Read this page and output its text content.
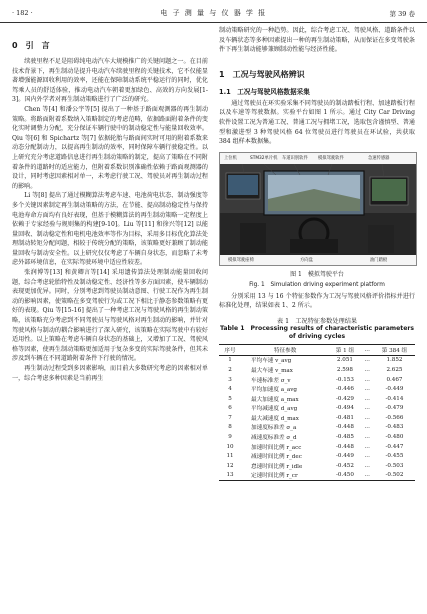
· 182 ·	电 子 测 量 与 仪 器 学 报	第 39 卷
0　引　言

续驶里程不足是阻碍纯电动汽车大规模推广的关键问题之一。在目前技术背景下，再生制动是提升电动汽车续驶里程的关键技术，它不仅能显著增强能源回收利用的效率，还能在保障制动系统平稳运行的同时，优化驾乘人员的舒适体验，推动电动汽车朝着更加绿色、高效的方向发展[1-3]。国内外学者对再生制动策略进行了广泛的研究。

Chen 等[4] 和潘公宇等[5] 提出了一种基于路面观测器的再生制动策略。将路面附着系数纳入策略制定的考虑范畴，依据路面附着条件的变化实时调整力分配，充分保证车辆行驶中的制动稳定性与能量回收效率。Qiu 等[6] 和 Spichartz 等[7] 依据轮胎与路面间实时可用的附着系数来动态分配制动力，以提高再生制动的效率，同时保障车辆行驶稳定性。以上研究充分考虑道路信息进行再生制动策略的制定，提高了策略在不同附着条件的道路时的适应能力，但附着系数识别准确性依赖于路面观测器的设计，同时考虑因素相对单一，未考虑行驶工况、驾驶员对再生制动过程的影响。

Li 等[8] 提出了通过模糊算法考虑车速、电池荷电状态、制动强度等多个关键因素制定再生制动策略的方法，在节能、提高制动稳定性与保持电池寿命方面均有良好表现，但基于模糊算法的再生制动策略一定程度上依赖于专家经验与规则集的构建[9-10]。Liu 等[11] 和徐兴等[12] 以能量回收、制动稳定性和电机电池效率等作为目标，采用多目标优化算法处理制动转矩分配问题，相较于传统分配的策略，该策略更好兼顾了制动能量回收与制动安全性。以上研究仅仅考虑了车辆自身状态，而忽略了未考虑外部环境信息，在实际驾驶环境中适应性较差。

张润博等[13] 和黄卿言等[14] 采用遗传算法处理制动能量回收问题，综合考虑轮胎特性及制动稳定性、经济性等多方面因素，使车辆制动表现更加优异。同时，分别考虑到驾驶员制动意图、行驶工况作为再生制动的影响因素，使策略在多变驾驶行为或工况下相比于静态参数策略有更好的表现。Qiu 等[15-16] 提出了一种考虑工况与驾驶风格的再生制动策略，该策略充分考虑到不同驾驶员与驾驶风格对再生制动的影响，并针对驾驶风格与制动的耦合影响进行了深入研究，该策略在实际驾驶中有较好适用性。以上策略在考虑车辆自身状态的基础上，又增加了工况、驾驶风格等因素，使再生制动策略更加适用于复杂多变的实际驾驶条件，但其未涉及到车辆在不同道路附着条件下行驶的情况。

再生制动过程受到多因素影响，而目前大多数研究考虑的因素相对单一，综合考虑多种因素是当前再生

制动策略研究的一种趋势。因此，综合考虑工况、驾驶风格、道路条件以及车辆状态等多种因素提出一种的再生制动策略，从而保证在多变驾驶条件下再生制动能够兼顾制动性能与经济性能。

1　工况与驾驶风格辨识
1.1　工况与驾驶风格数据采集

通过驾驶员在环实验采集不同驾驶员的制动踏板行程、加速踏板行程以及车速等驾驶数据。实验平台如图 1 所示。通过 City Car Driving 软件设置工况为普通工况、普通工况与拥堵工况，选取包含谨慎型、普通型和激进型 3 种驾驶风格 64 位驾驶员进行驾驶员在环试验，共获取 384 组样本数据集。

上位机	STM32单片机 车道识别软件 模拟驾驶软件	急速传感器
模拟驾驶座椅	方向盘	油门踏板
图 1　模拟驾驶平台
Fig. 1　Simulation driving experiment platform

分别采用 13 与 16 个特征参数作为工况与驾驶风格评价指标并进行标准化处理，结果如表 1、2 所示。

表 1　工况特征参数处理结果
Table 1　Processing results of characteristic parameters of driving cycles
序号	特征参数	第 1 组	…	第 384 组
1	平均车速 v_avg	2.051	…	1.852
2	最大车速 v_max	2.598	…	2.625
3	车速标准差 σ_v	-0.153	…	0.467
4	平均加速度 a_avg	-0.446	…	-0.449
5	最大加速度 a_max	-0.429	…	-0.414
6	平均减速度 d_avg	-0.494	…	-0.479
7	最大减速度 d_max	-0.481	…	-0.566
8	加速度标准差 σ_a	-0.448	…	-0.483
9	减速度标准差 σ_d	-0.485	…	-0.480
10	加速时间比例 r_acc	-0.448	…	-0.447
11	减速时间比例 r_dec	-0.449	…	-0.455
12	怠速时间比例 r_idle	-0.452	…	-0.503
13	定速时间比例 r_cr	-0.450	…	-0.502
